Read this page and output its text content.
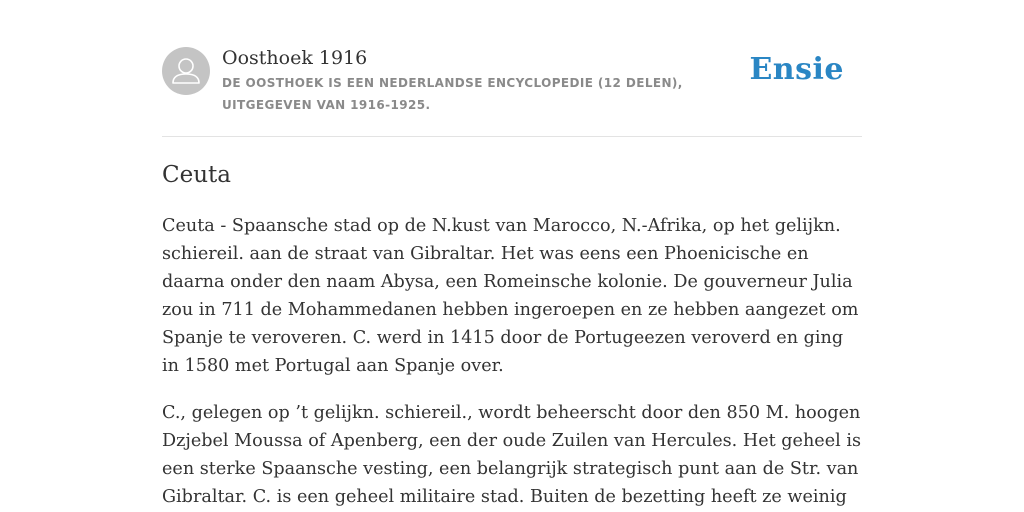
Oosthoek 1916

DE OOSTHOEK IS EEN NEDERLANDSE ENCYCLOPEDIE (12 DELEN), UITGEGEVEN VAN 1916-1925.

Ensie
Ceuta

Ceuta - Spaansche stad op de N.kust van Marocco, N.-Afrika, op het gelijkn. schiereil. aan de straat van Gibraltar. Het was eens een Phoenicische en daarna onder den naam Abysa, een Romeinsche kolonie. De gouverneur Julia zou in 711 de Mohammedanen hebben ingeroepen en ze hebben aangezet om Spanje te veroveren. C. werd in 1415 door de Portugeezen veroverd en ging in 1580 met Portugal aan Spanje over.

C., gelegen op ’t gelijkn. schiereil., wordt beheerscht door den 850 M. hoogen Dzjebel Moussa of Apenberg, een der oude Zuilen van Hercules. Het geheel is een sterke Spaansche vesting, een belangrijk strategisch punt aan de Str. van Gibraltar. C. is een geheel militaire stad. Buiten de bezetting heeft ze weinig
